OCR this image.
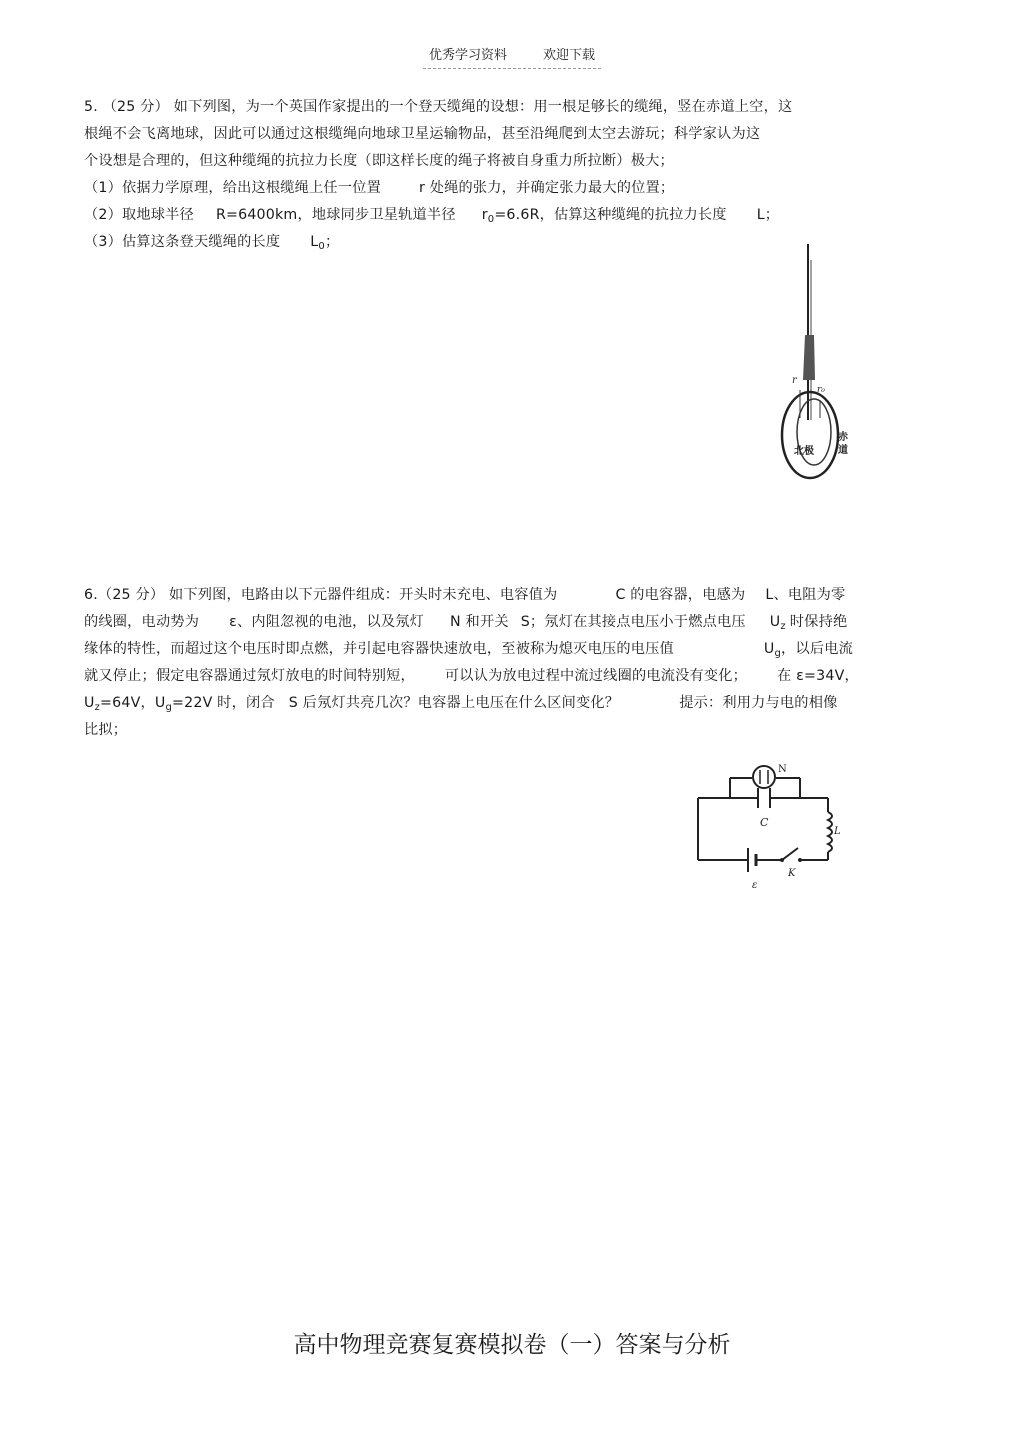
优秀学习资料	欢迎下载

5. （25 分） 如下列图，为一个英国作家提出的一个登天缆绳的设想：用一根足够长的缆绳，竖在赤道上空，这

根绳不会飞离地球，因此可以通过这根缆绳向地球卫星运输物品，甚至沿绳爬到太空去游玩；科学家认为这

个设想是合理的，但这种缆绳的抗拉力长度（即这样长度的绳子将被自身重力所拉断）极大；

（1）依据力学原理，给出这根缆绳上任一位置	r 处绳的张力，并确定张力最大的位置；

（2）取地球半径 R=6400km，地球同步卫星轨道半径 $r_0=6.6R$，估算这种缆绳的抗拉力长度 L；

（3）估算这条登天缆绳的长度 $L_0$；

r
r₀
北极
赤
道

6.（25 分） 如下列图，电路由以下元器件组成：开头时未充电、电容值为	C 的电容器，电感为 L、电阻为零

的线圈，电动势为 ε、内阻忽视的电池，以及氖灯 N 和开关 S；氖灯在其接点电压小于燃点电压 $U_z$ 时保持绝

缘体的特性，而超过这个电压时即点燃，并引起电容器快速放电，至被称为熄灭电压的电压值	$U_g$，以后电流

就又停止；假定电容器通过氖灯放电的时间特别短， 可以认为放电过程中流过线圈的电流没有变化； 在 ε=34V，

$U_z=64V$，$U_g=22V$ 时，闭合 S 后氖灯共亮几次？电容器上电压在什么区间变化？	提示：利用力与电的相像

比拟；

N
C
L
ε
K
高中物理竞赛复赛模拟卷（一）答案与分析
